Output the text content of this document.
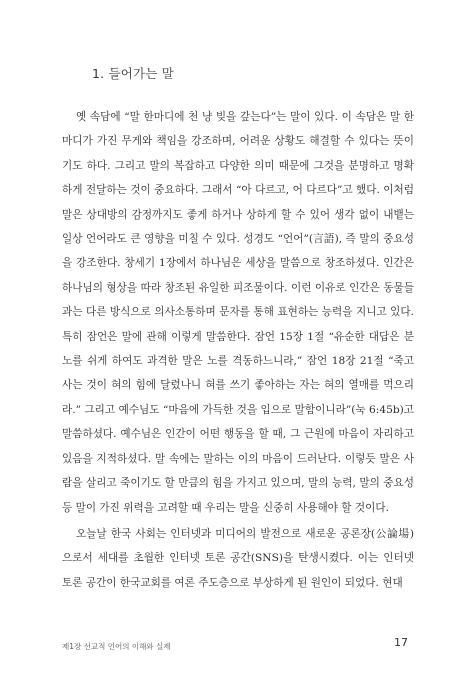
1. 들어가는 말

옛 속담에 “말 한마디에 천 냥 빚을 갚는다”는 말이 있다. 이 속담은 말 한마디가 가진 무게와 책임을 강조하며, 어려운 상황도 해결할 수 있다는 뜻이기도 하다. 그리고 말의 복잡하고 다양한 의미 때문에 그것을 분명하고 명확하게 전달하는 것이 중요하다. 그래서 “아 다르고, 어 다르다”고 했다. 이처럼 말은 상대방의 감정까지도 좋게 하거나 상하게 할 수 있어 생각 없이 내뱉는 일상 언어라도 큰 영향을 미칠 수 있다. 성경도 “언어”(言語), 즉 말의 중요성을 강조한다. 창세기 1장에서 하나님은 세상을 말씀으로 창조하셨다. 인간은 하나님의 형상을 따라 창조된 유일한 피조물이다. 이런 이유로 인간은 동물들과는 다른 방식으로 의사소통하며 문자를 통해 표현하는 능력을 지니고 있다. 특히 잠언은 말에 관해 이렇게 말씀한다. 잠언 15장 1절 “유순한 대답은 분노를 쉬게 하여도 과격한 말은 노를 격동하느니라,” 잠언 18장 21절 “죽고 사는 것이 혀의 힘에 달렸나니 혀를 쓰기 좋아하는 자는 혀의 열매를 먹으리라.” 그리고 예수님도 “마음에 가득한 것을 입으로 말함이니라”(눅 6:45b)고 말씀하셨다. 예수님은 인간이 어떤 행동을 할 때, 그 근원에 마음이 자리하고 있음을 지적하셨다. 말 속에는 말하는 이의 마음이 드러난다. 이렇듯 말은 사람을 살리고 죽이기도 할 만큼의 힘을 가지고 있으며, 말의 능력, 말의 중요성 등 말이 가진 위력을 고려할 때 우리는 말을 신중히 사용해야 할 것이다.

오늘날 한국 사회는 인터넷과 미디어의 발전으로 새로운 공론장(公論場)으로서 세대를 초월한 인터넷 토론 공간(SNS)을 탄생시켰다. 이는 인터넷 토론 공간이 한국교회를 여론 주도층으로 부상하게 된 원인이 되었다. 현대

제1장 선교적 언어의 이해와 실제	17
